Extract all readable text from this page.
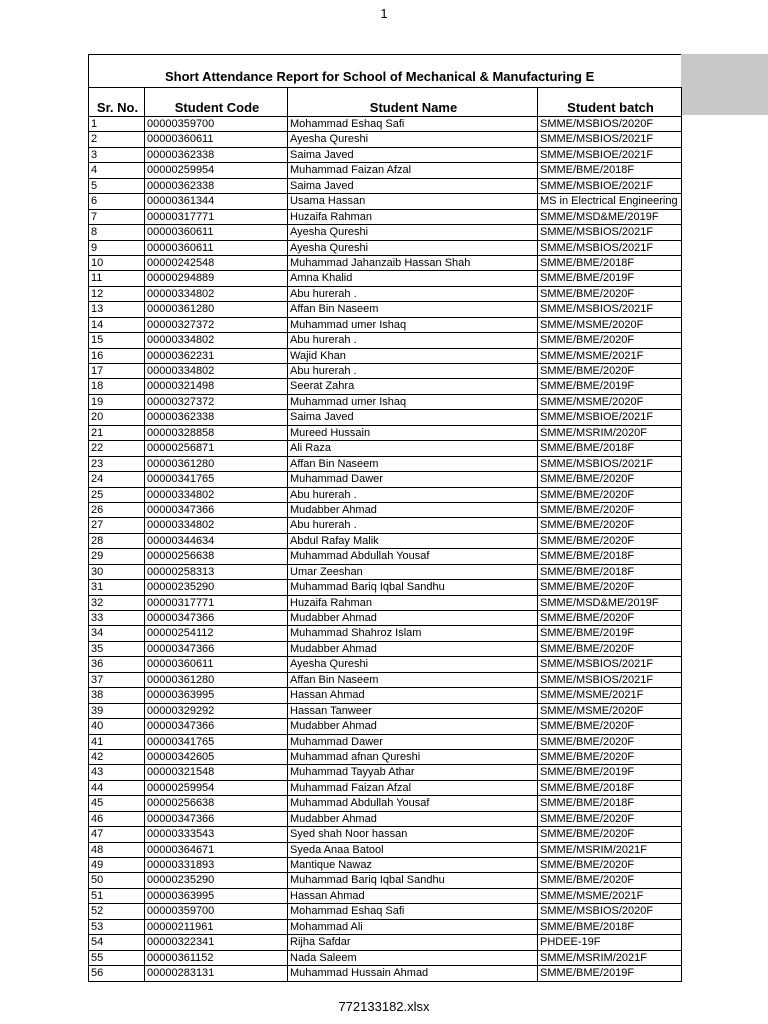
1
Short Attendance Report for School of Mechanical & Manufacturing E
Sr. No.	Student Code	Student Name	Student batch
1	00000359700	Mohammad Eshaq Safi	SMME/MSBIOS/2020F
2	00000360611	Ayesha Qureshi	SMME/MSBIOS/2021F
3	00000362338	Saima Javed	SMME/MSBIOE/2021F
4	00000259954	Muhammad Faizan Afzal	SMME/BME/2018F
5	00000362338	Saima Javed	SMME/MSBIOE/2021F
6	00000361344	Usama Hassan	MS in Electrical Engineering
7	00000317771	Huzaifa Rahman	SMME/MSD&ME/2019F
8	00000360611	Ayesha Qureshi	SMME/MSBIOS/2021F
9	00000360611	Ayesha Qureshi	SMME/MSBIOS/2021F
10	00000242548	Muhammad Jahanzaib Hassan Shah	SMME/BME/2018F
11	00000294889	Amna Khalid	SMME/BME/2019F
12	00000334802	Abu hurerah .	SMME/BME/2020F
13	00000361280	Affan Bin Naseem	SMME/MSBIOS/2021F
14	00000327372	Muhammad umer Ishaq	SMME/MSME/2020F
15	00000334802	Abu hurerah .	SMME/BME/2020F
16	00000362231	Wajid Khan	SMME/MSME/2021F
17	00000334802	Abu hurerah .	SMME/BME/2020F
18	00000321498	Seerat Zahra	SMME/BME/2019F
19	00000327372	Muhammad umer Ishaq	SMME/MSME/2020F
20	00000362338	Saima Javed	SMME/MSBIOE/2021F
21	00000328858	Mureed Hussain	SMME/MSRIM/2020F
22	00000256871	Ali Raza	SMME/BME/2018F
23	00000361280	Affan Bin Naseem	SMME/MSBIOS/2021F
24	00000341765	Muhammad Dawer	SMME/BME/2020F
25	00000334802	Abu hurerah .	SMME/BME/2020F
26	00000347366	Mudabber Ahmad	SMME/BME/2020F
27	00000334802	Abu hurerah .	SMME/BME/2020F
28	00000344634	Abdul Rafay Malik	SMME/BME/2020F
29	00000256638	Muhammad Abdullah Yousaf	SMME/BME/2018F
30	00000258313	Umar Zeeshan	SMME/BME/2018F
31	00000235290	Muhammad Bariq Iqbal Sandhu	SMME/BME/2020F
32	00000317771	Huzaifa Rahman	SMME/MSD&ME/2019F
33	00000347366	Mudabber Ahmad	SMME/BME/2020F
34	00000254112	Muhammad Shahroz Islam	SMME/BME/2019F
35	00000347366	Mudabber Ahmad	SMME/BME/2020F
36	00000360611	Ayesha Qureshi	SMME/MSBIOS/2021F
37	00000361280	Affan Bin Naseem	SMME/MSBIOS/2021F
38	00000363995	Hassan Ahmad	SMME/MSME/2021F
39	00000329292	Hassan Tanweer	SMME/MSME/2020F
40	00000347366	Mudabber Ahmad	SMME/BME/2020F
41	00000341765	Muhammad Dawer	SMME/BME/2020F
42	00000342605	Muhammad afnan Qureshi	SMME/BME/2020F
43	00000321548	Muhammad Tayyab Athar	SMME/BME/2019F
44	00000259954	Muhammad Faizan Afzal	SMME/BME/2018F
45	00000256638	Muhammad Abdullah Yousaf	SMME/BME/2018F
46	00000347366	Mudabber Ahmad	SMME/BME/2020F
47	00000333543	Syed shah Noor hassan	SMME/BME/2020F
48	00000364671	Syeda Anaa Batool	SMME/MSRIM/2021F
49	00000331893	Mantique Nawaz	SMME/BME/2020F
50	00000235290	Muhammad Bariq Iqbal Sandhu	SMME/BME/2020F
51	00000363995	Hassan Ahmad	SMME/MSME/2021F
52	00000359700	Mohammad Eshaq Safi	SMME/MSBIOS/2020F
53	00000211961	Mohammad Ali	SMME/BME/2018F
54	00000322341	Rijha Safdar	PHDEE-19F
55	00000361152	Nada Saleem	SMME/MSRIM/2021F
56	00000283131	Muhammad Hussain Ahmad	SMME/BME/2019F
772133182.xlsx
